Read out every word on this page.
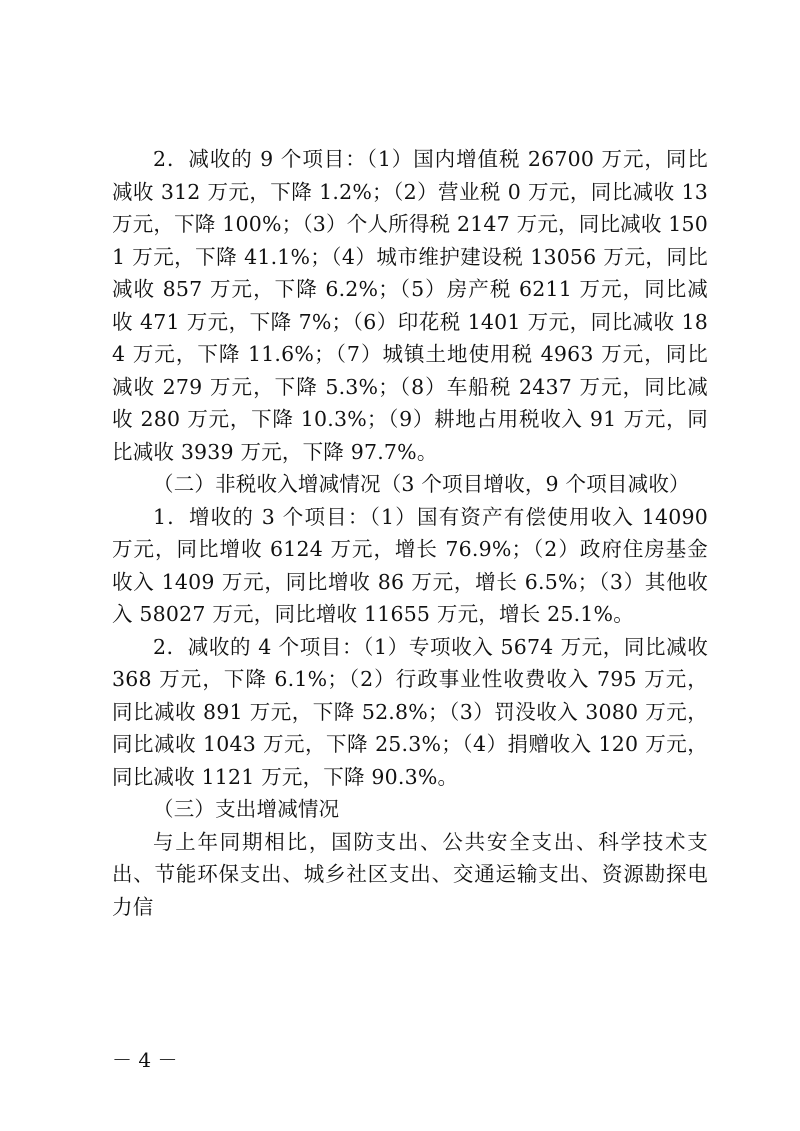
2．减收的 9 个项目：（1）国内增值税 26700 万元，同比减收 312 万元，下降 1.2%；（2）营业税 0 万元，同比减收 13 万元，下降 100%；（3）个人所得税 2147 万元，同比减收 1501 万元，下降 41.1%；（4）城市维护建设税 13056 万元，同比减收 857 万元，下降 6.2%；（5）房产税 6211 万元，同比减收 471 万元，下降 7%；（6）印花税 1401 万元，同比减收 184 万元，下降 11.6%；（7）城镇土地使用税 4963 万元，同比减收 279 万元，下降 5.3%；（8）车船税 2437 万元，同比减收 280 万元，下降 10.3%；（9）耕地占用税收入 91 万元，同比减收 3939 万元，下降 97.7%。

（二）非税收入增减情况（3 个项目增收，9 个项目减收）

1．增收的 3 个项目：（1）国有资产有偿使用收入 14090 万元，同比增收 6124 万元，增长 76.9%；（2）政府住房基金收入 1409 万元，同比增收 86 万元，增长 6.5%；（3）其他收入 58027 万元，同比增收 11655 万元，增长 25.1%。

2．减收的 4 个项目：（1）专项收入 5674 万元，同比减收 368 万元，下降 6.1%；（2）行政事业性收费收入 795 万元，同比减收 891 万元，下降 52.8%；（3）罚没收入 3080 万元，同比减收 1043 万元，下降 25.3%；（4）捐赠收入 120 万元，同比减收 1121 万元，下降 90.3%。

（三）支出增减情况

与上年同期相比，国防支出、公共安全支出、科学技术支出、节能环保支出、城乡社区支出、交通运输支出、资源勘探电力信

－ 4 －
